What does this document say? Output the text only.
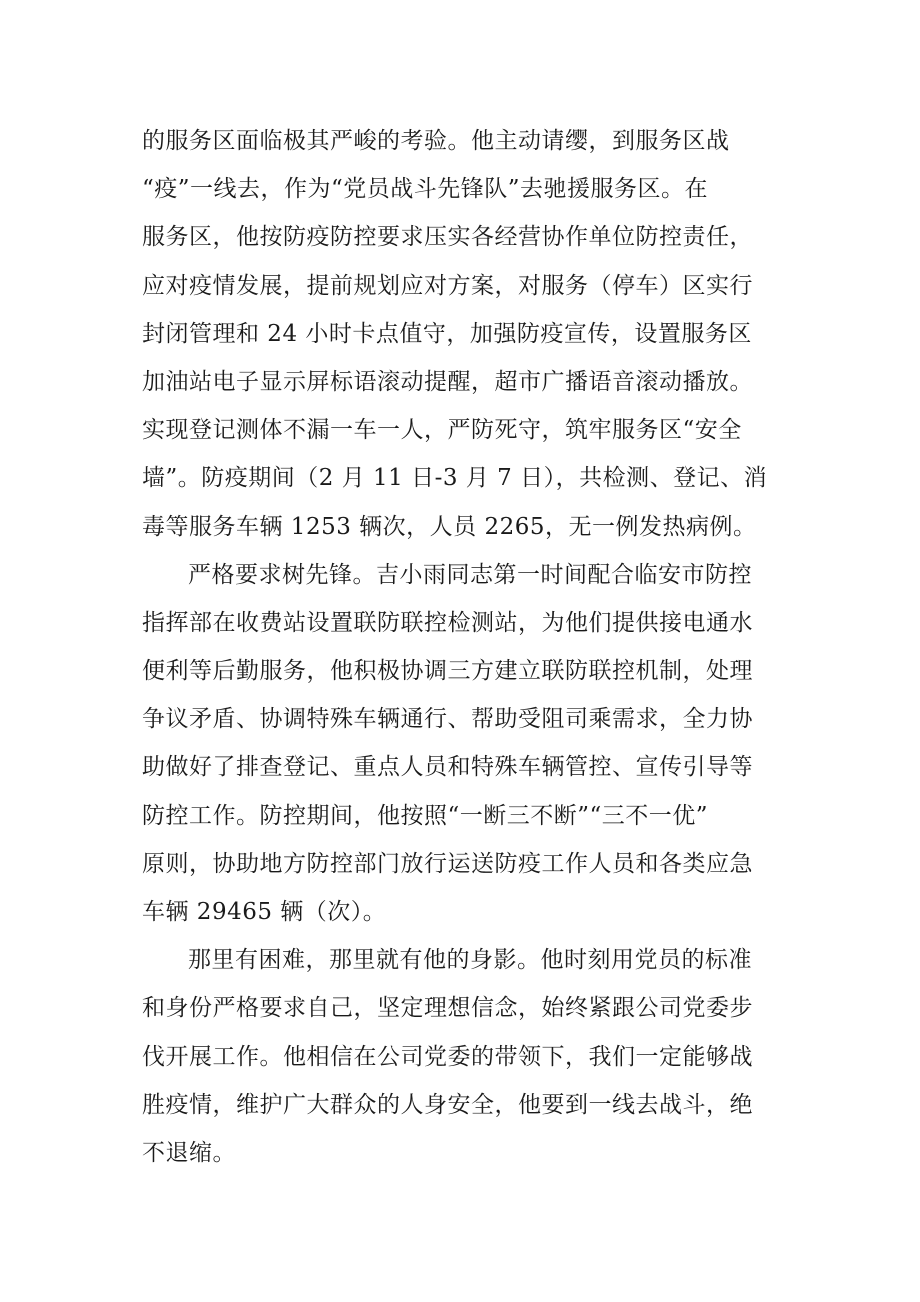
的服务区面临极其严峻的考验。他主动请缨，到服务区战
“疫”一线去，作为“党员战斗先锋队”去驰援服务区。在
服务区，他按防疫防控要求压实各经营协作单位防控责任，
应对疫情发展，提前规划应对方案，对服务（停车）区实行
封闭管理和 24 小时卡点值守，加强防疫宣传，设置服务区
加油站电子显示屏标语滚动提醒，超市广播语音滚动播放。
实现登记测体不漏一车一人，严防死守，筑牢服务区“安全
墙”。防疫期间（2 月 11 日-3 月 7 日），共检测、登记、消
毒等服务车辆 1253 辆次，人员 2265，无一例发热病例。
严格要求树先锋。吉小雨同志第一时间配合临安市防控
指挥部在收费站设置联防联控检测站，为他们提供接电通水
便利等后勤服务，他积极协调三方建立联防联控机制，处理
争议矛盾、协调特殊车辆通行、帮助受阻司乘需求，全力协
助做好了排查登记、重点人员和特殊车辆管控、宣传引导等
防控工作。防控期间，他按照“一断三不断”“三不一优”
原则，协助地方防控部门放行运送防疫工作人员和各类应急
车辆 29465 辆（次）。
那里有困难，那里就有他的身影。他时刻用党员的标准
和身份严格要求自己，坚定理想信念，始终紧跟公司党委步
伐开展工作。他相信在公司党委的带领下，我们一定能够战
胜疫情，维护广大群众的人身安全，他要到一线去战斗，绝
不退缩。
